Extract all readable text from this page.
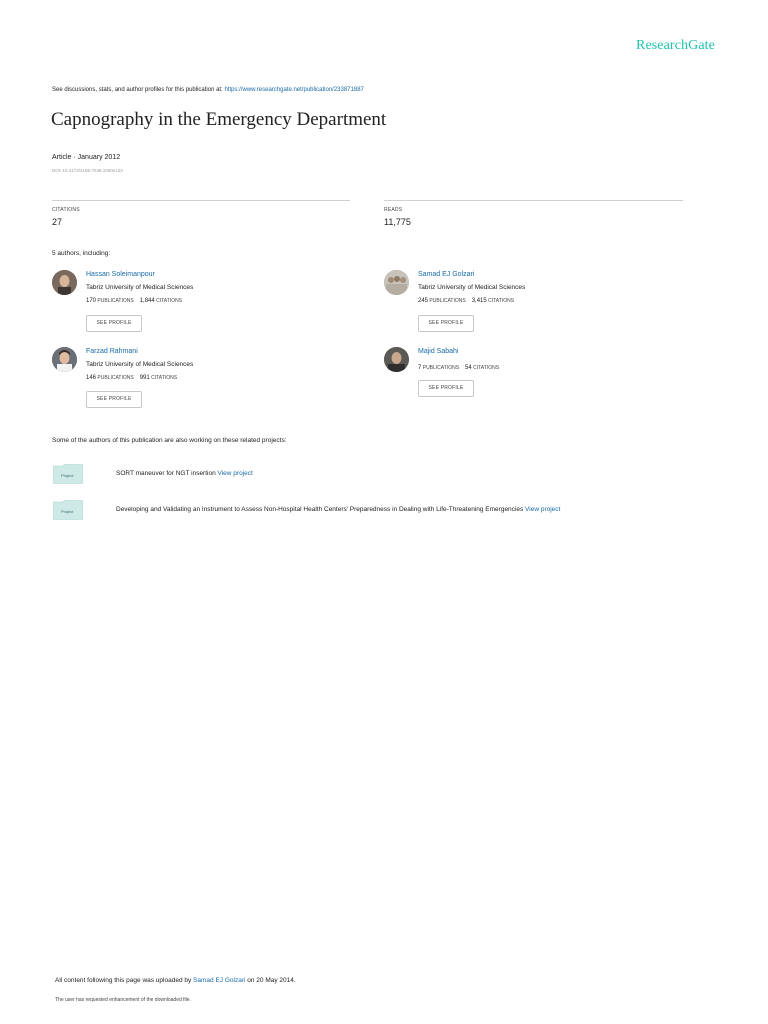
ResearchGate
See discussions, stats, and author profiles for this publication at: https://www.researchgate.net/publication/233871887
Capnography in the Emergency Department
Article · January 2012
DOI: 10.4172/2165-7548.1000e123
CITATIONS
27
READS
11,775
5 authors, including:
Hassan Soleimanpour
Tabriz University of Medical Sciences
170 PUBLICATIONS 1,844 CITATIONS
SEE PROFILE
Samad EJ Golzari
Tabriz University of Medical Sciences
245 PUBLICATIONS 3,415 CITATIONS
SEE PROFILE
Farzad Rahmani
Tabriz University of Medical Sciences
146 PUBLICATIONS 991 CITATIONS
SEE PROFILE
Majid Sabahi
7 PUBLICATIONS 54 CITATIONS
SEE PROFILE
Some of the authors of this publication are also working on these related projects:
Project	SORT maneuver for NGT insertion View project
Project	Developing and Validating an Instrument to Assess Non-Hospital Health Centers' Preparedness in Dealing with Life-Threatening Emergencies View project
All content following this page was uploaded by Samad EJ Golzari on 20 May 2014.
The user has requested enhancement of the downloaded file.
